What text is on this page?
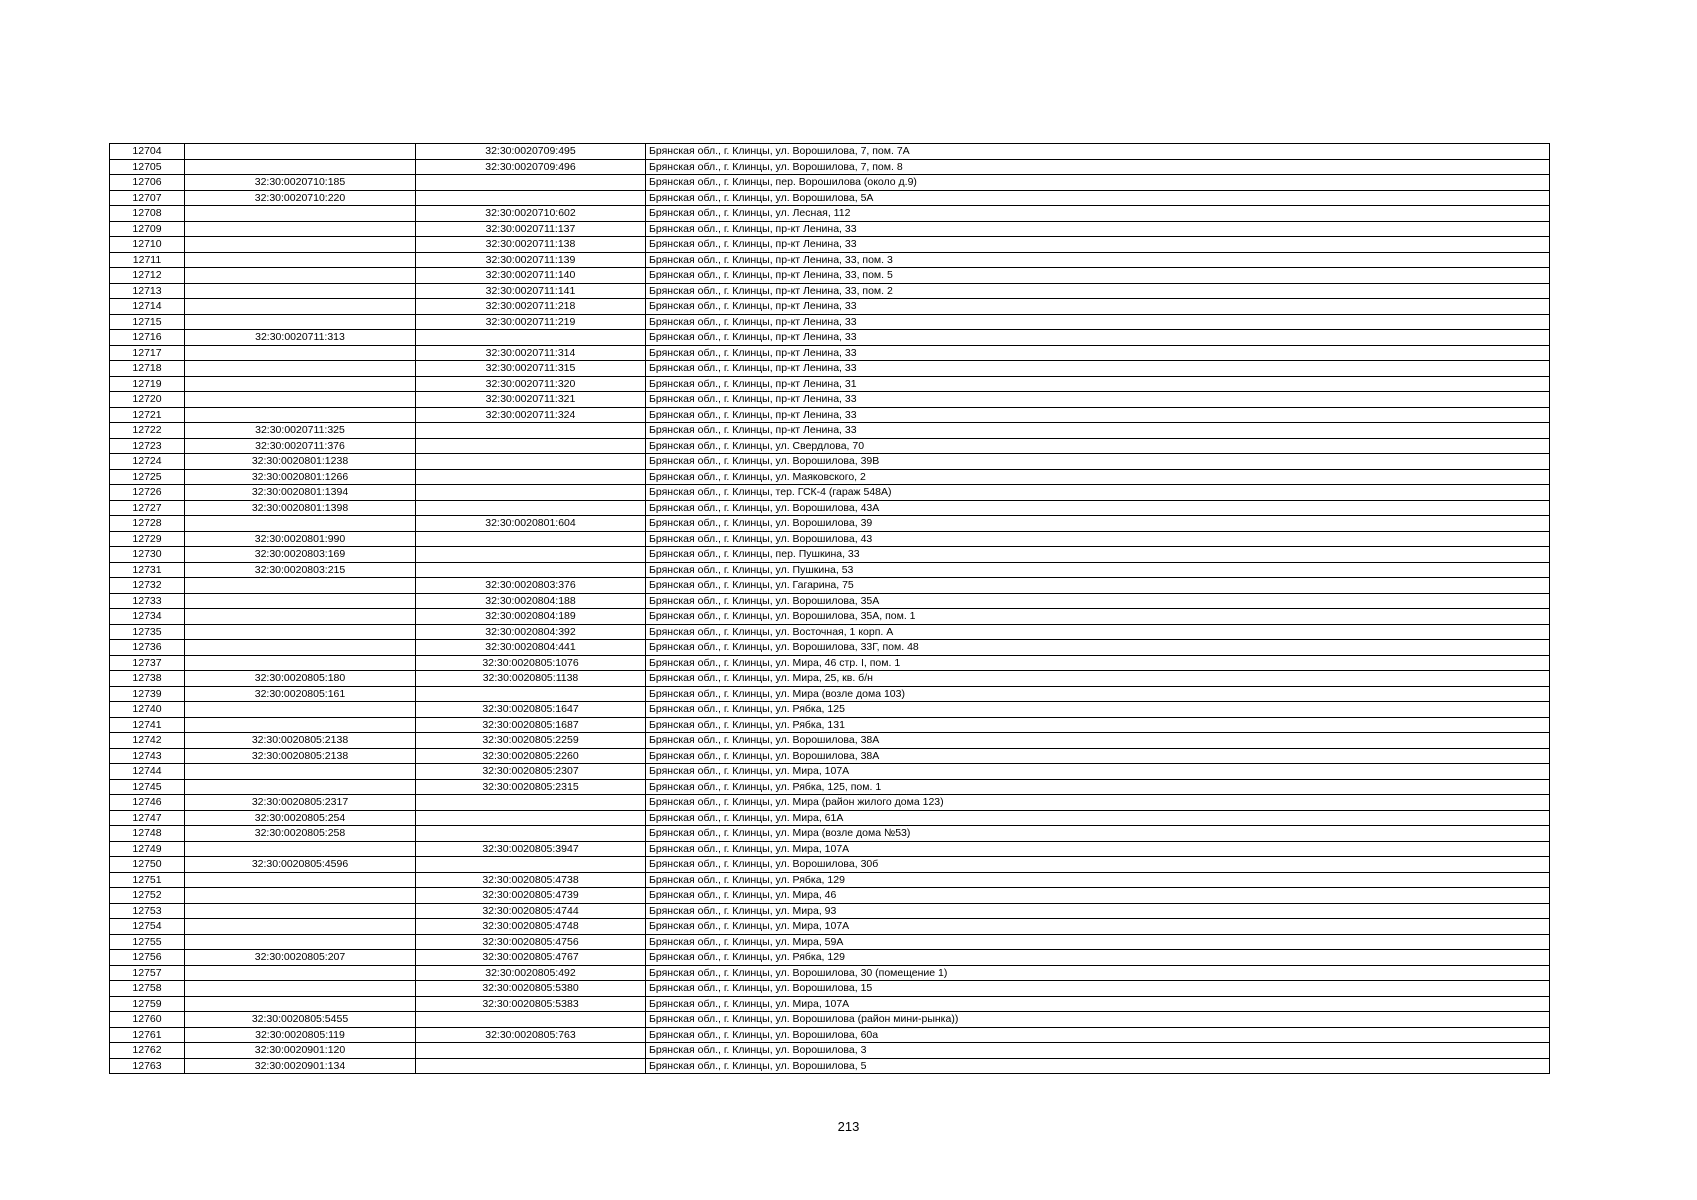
12704		32:30:0020709:495	Брянская обл., г. Клинцы, ул. Ворошилова, 7, пом. 7А
12705		32:30:0020709:496	Брянская обл., г. Клинцы, ул. Ворошилова, 7, пом. 8
12706	32:30:0020710:185		Брянская обл., г. Клинцы, пер. Ворошилова (около д.9)
12707	32:30:0020710:220		Брянская обл., г. Клинцы, ул. Ворошилова, 5А
12708		32:30:0020710:602	Брянская обл., г. Клинцы, ул. Лесная, 112
12709		32:30:0020711:137	Брянская обл., г. Клинцы, пр-кт Ленина, 33
12710		32:30:0020711:138	Брянская обл., г. Клинцы, пр-кт Ленина, 33
12711		32:30:0020711:139	Брянская обл., г. Клинцы, пр-кт Ленина, 33, пом. 3
12712		32:30:0020711:140	Брянская обл., г. Клинцы, пр-кт Ленина, 33, пом. 5
12713		32:30:0020711:141	Брянская обл., г. Клинцы, пр-кт Ленина, 33, пом. 2
12714		32:30:0020711:218	Брянская обл., г. Клинцы, пр-кт Ленина, 33
12715		32:30:0020711:219	Брянская обл., г. Клинцы, пр-кт Ленина, 33
12716	32:30:0020711:313		Брянская обл., г. Клинцы, пр-кт Ленина, 33
12717		32:30:0020711:314	Брянская обл., г. Клинцы, пр-кт Ленина, 33
12718		32:30:0020711:315	Брянская обл., г. Клинцы, пр-кт Ленина, 33
12719		32:30:0020711:320	Брянская обл., г. Клинцы, пр-кт Ленина, 31
12720		32:30:0020711:321	Брянская обл., г. Клинцы, пр-кт Ленина, 33
12721		32:30:0020711:324	Брянская обл., г. Клинцы, пр-кт Ленина, 33
12722	32:30:0020711:325		Брянская обл., г. Клинцы, пр-кт Ленина, 33
12723	32:30:0020711:376		Брянская обл., г. Клинцы, ул. Свердлова, 70
12724	32:30:0020801:1238		Брянская обл., г. Клинцы, ул. Ворошилова, 39В
12725	32:30:0020801:1266		Брянская обл., г. Клинцы, ул. Маяковского, 2
12726	32:30:0020801:1394		Брянская обл., г. Клинцы, тер. ГСК-4 (гараж 548А)
12727	32:30:0020801:1398		Брянская обл., г. Клинцы, ул. Ворошилова, 43А
12728		32:30:0020801:604	Брянская обл., г. Клинцы, ул. Ворошилова, 39
12729	32:30:0020801:990		Брянская обл., г. Клинцы, ул. Ворошилова, 43
12730	32:30:0020803:169		Брянская обл., г. Клинцы, пер. Пушкина, 33
12731	32:30:0020803:215		Брянская обл., г. Клинцы, ул. Пушкина, 53
12732		32:30:0020803:376	Брянская обл., г. Клинцы, ул. Гагарина, 75
12733		32:30:0020804:188	Брянская обл., г. Клинцы, ул. Ворошилова, 35А
12734		32:30:0020804:189	Брянская обл., г. Клинцы, ул. Ворошилова, 35А, пом. 1
12735		32:30:0020804:392	Брянская обл., г. Клинцы, ул. Восточная, 1 корп. А
12736		32:30:0020804:441	Брянская обл., г. Клинцы, ул. Ворошилова, 33Г, пом. 48
12737		32:30:0020805:1076	Брянская обл., г. Клинцы, ул. Мира, 46 стр. I, пом. 1
12738	32:30:0020805:180	32:30:0020805:1138	Брянская обл., г. Клинцы, ул. Мира, 25, кв. б/н
12739	32:30:0020805:161		Брянская обл., г. Клинцы, ул. Мира (возле дома 103)
12740		32:30:0020805:1647	Брянская обл., г. Клинцы, ул. Рябка, 125
12741		32:30:0020805:1687	Брянская обл., г. Клинцы, ул. Рябка, 131
12742	32:30:0020805:2138	32:30:0020805:2259	Брянская обл., г. Клинцы, ул. Ворошилова, 38А
12743	32:30:0020805:2138	32:30:0020805:2260	Брянская обл., г. Клинцы, ул. Ворошилова, 38А
12744		32:30:0020805:2307	Брянская обл., г. Клинцы, ул. Мира, 107А
12745		32:30:0020805:2315	Брянская обл., г. Клинцы, ул. Рябка, 125, пом. 1
12746	32:30:0020805:2317		Брянская обл., г. Клинцы, ул. Мира (район жилого дома 123)
12747	32:30:0020805:254		Брянская обл., г. Клинцы, ул. Мира, 61А
12748	32:30:0020805:258		Брянская обл., г. Клинцы, ул. Мира (возле дома №53)
12749		32:30:0020805:3947	Брянская обл., г. Клинцы, ул. Мира, 107А
12750	32:30:0020805:4596		Брянская обл., г. Клинцы, ул. Ворошилова, 30б
12751		32:30:0020805:4738	Брянская обл., г. Клинцы, ул. Рябка, 129
12752		32:30:0020805:4739	Брянская обл., г. Клинцы, ул. Мира, 46
12753		32:30:0020805:4744	Брянская обл., г. Клинцы, ул. Мира, 93
12754		32:30:0020805:4748	Брянская обл., г. Клинцы, ул. Мира, 107А
12755		32:30:0020805:4756	Брянская обл., г. Клинцы, ул. Мира, 59А
12756	32:30:0020805:207	32:30:0020805:4767	Брянская обл., г. Клинцы, ул. Рябка, 129
12757		32:30:0020805:492	Брянская обл., г. Клинцы, ул. Ворошилова, 30 (помещение 1)
12758		32:30:0020805:5380	Брянская обл., г. Клинцы, ул. Ворошилова, 15
12759		32:30:0020805:5383	Брянская обл., г. Клинцы, ул. Мира, 107А
12760	32:30:0020805:5455		Брянская обл., г. Клинцы, ул. Ворошилова (район мини-рынка))
12761	32:30:0020805:119	32:30:0020805:763	Брянская обл., г. Клинцы, ул. Ворошилова, 60а
12762	32:30:0020901:120		Брянская обл., г. Клинцы, ул. Ворошилова, 3
12763	32:30:0020901:134		Брянская обл., г. Клинцы, ул. Ворошилова, 5
213
